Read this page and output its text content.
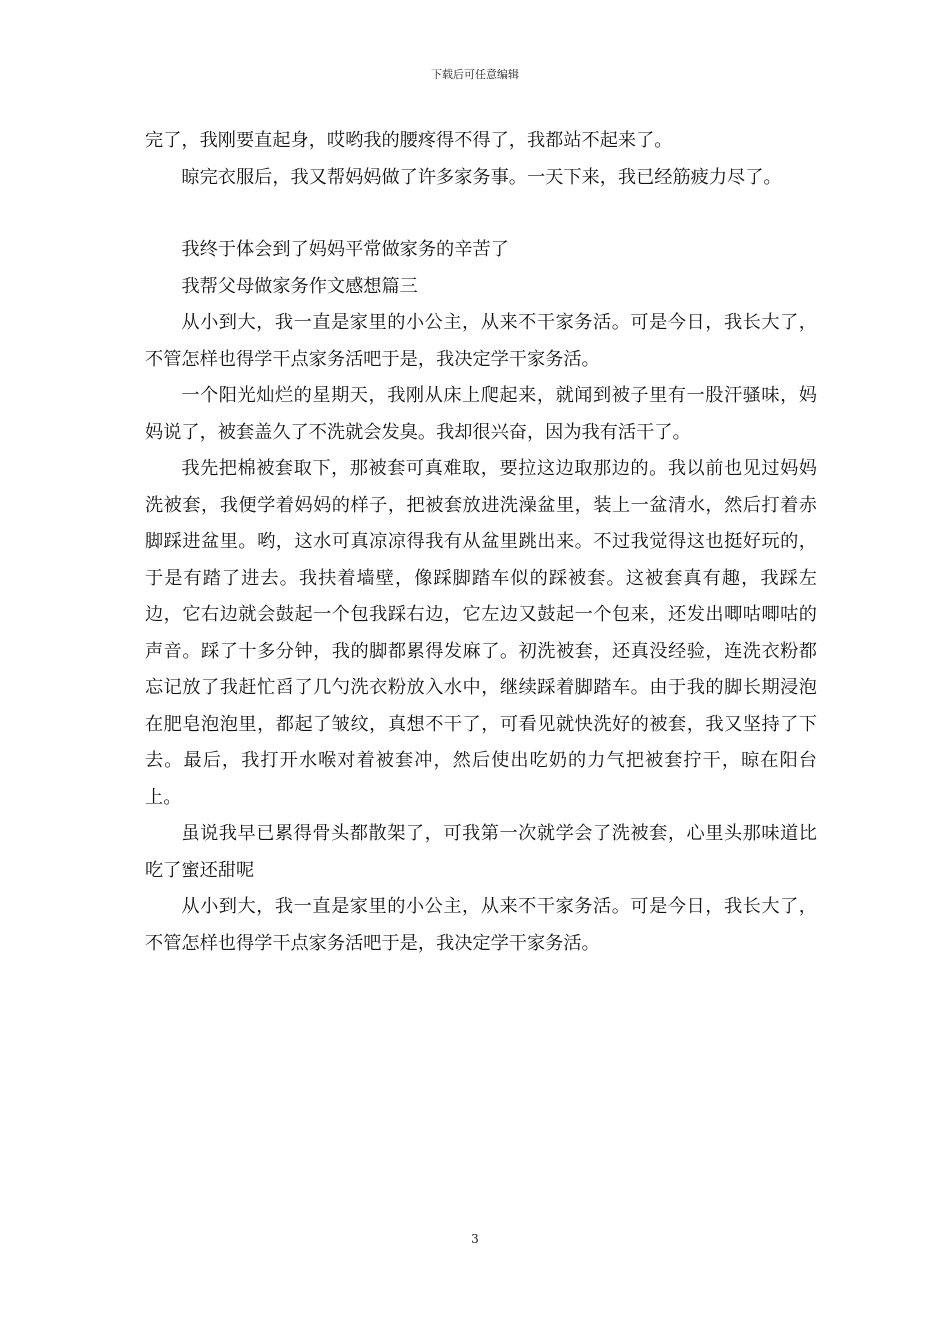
下载后可任意编辑

完了，我刚要直起身，哎哟我的腰疼得不得了，我都站不起来了。

晾完衣服后，我又帮妈妈做了许多家务事。一天下来，我已经筋疲力尽了。

我终于体会到了妈妈平常做家务的辛苦了

我帮父母做家务作文感想篇三

从小到大，我一直是家里的小公主，从来不干家务活。可是今日，我长大了，不管怎样也得学干点家务活吧于是，我决定学干家务活。

一个阳光灿烂的星期天，我刚从床上爬起来，就闻到被子里有一股汗骚味，妈妈说了，被套盖久了不洗就会发臭。我却很兴奋，因为我有活干了。

我先把棉被套取下，那被套可真难取，要拉这边取那边的。我以前也见过妈妈洗被套，我便学着妈妈的样子，把被套放进洗澡盆里，装上一盆清水，然后打着赤脚踩进盆里。哟，这水可真凉凉得我有从盆里跳出来。不过我觉得这也挺好玩的，于是有踏了进去。我扶着墙壁，像踩脚踏车似的踩被套。这被套真有趣，我踩左边，它右边就会鼓起一个包我踩右边，它左边又鼓起一个包来，还发出唧咕唧咕的声音。踩了十多分钟，我的脚都累得发麻了。初洗被套，还真没经验，连洗衣粉都忘记放了我赶忙舀了几勺洗衣粉放入水中，继续踩着脚踏车。由于我的脚长期浸泡在肥皂泡泡里，都起了皱纹，真想不干了，可看见就快洗好的被套，我又坚持了下去。最后，我打开水喉对着被套冲，然后使出吃奶的力气把被套拧干，晾在阳台上。

虽说我早已累得骨头都散架了，可我第一次就学会了洗被套，心里头那味道比吃了蜜还甜呢

从小到大，我一直是家里的小公主，从来不干家务活。可是今日，我长大了，不管怎样也得学干点家务活吧于是，我决定学干家务活。

3
